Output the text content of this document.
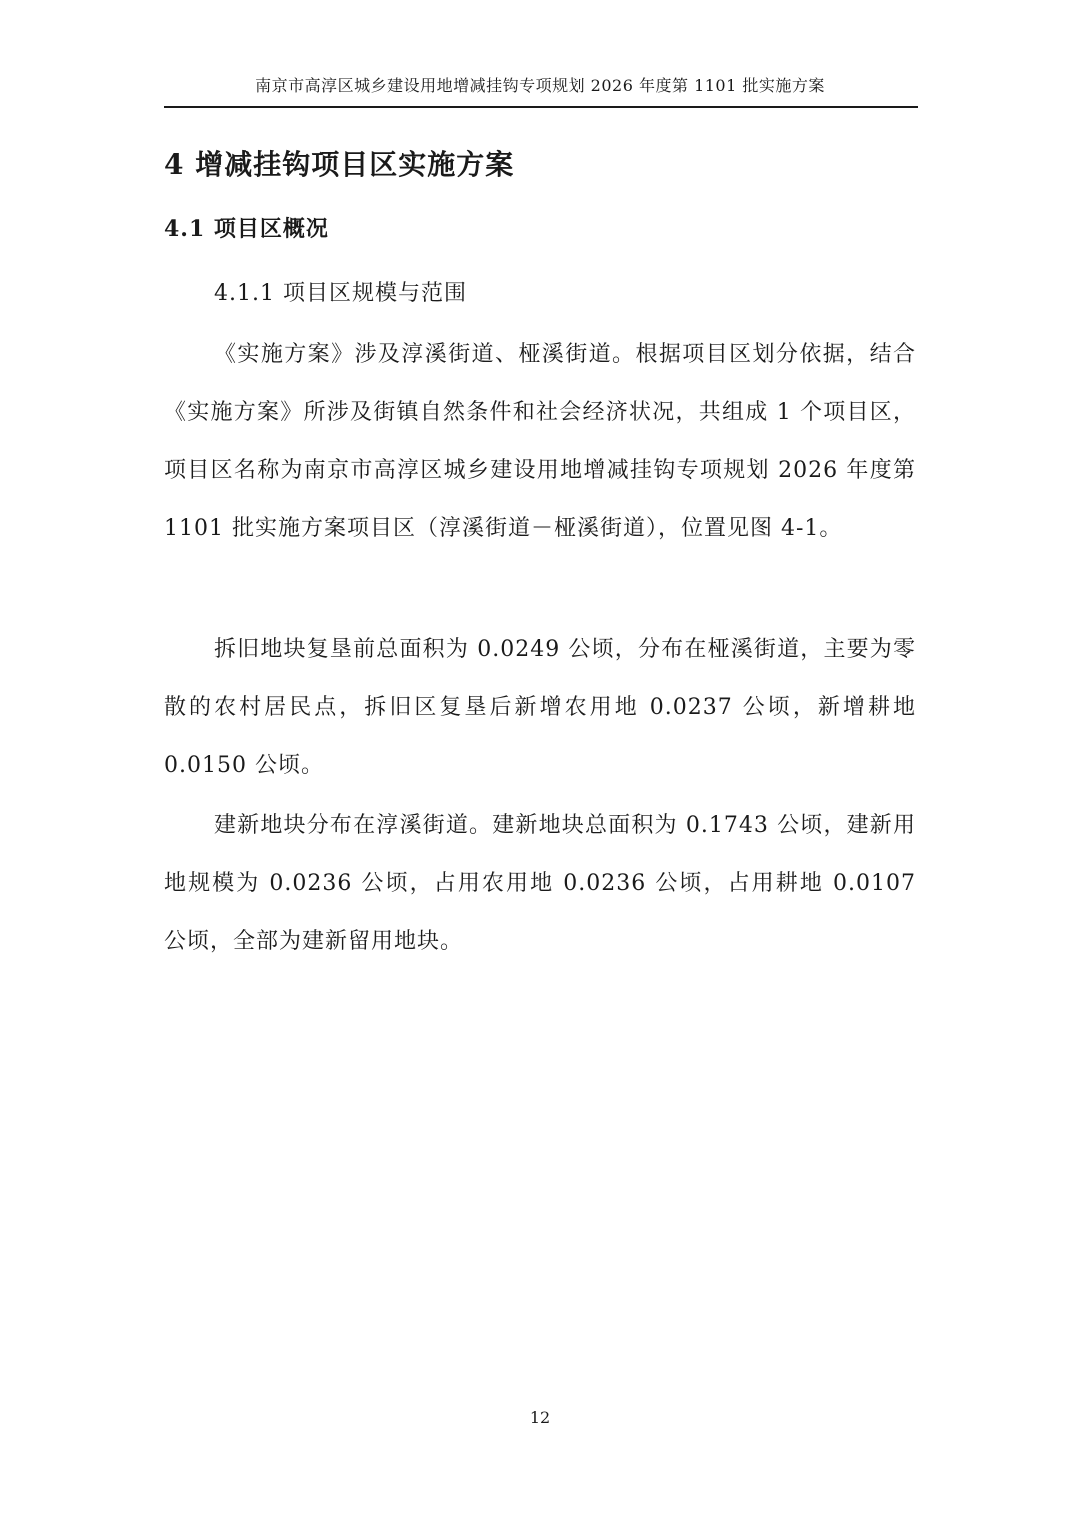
南京市高淳区城乡建设用地增减挂钩专项规划 2026 年度第 1101 批实施方案
4 增减挂钩项目区实施方案
4.1 项目区概况
4.1.1 项目区规模与范围

《实施方案》涉及淳溪街道、桠溪街道。根据项目区划分依据，结合《实施方案》所涉及街镇自然条件和社会经济状况，共组成 1 个项目区，项目区名称为南京市高淳区城乡建设用地增减挂钩专项规划 2026 年度第 1101 批实施方案项目区（淳溪街道－桠溪街道），位置见图 4-1。

拆旧地块复垦前总面积为 0.0249 公顷，分布在桠溪街道，主要为零散的农村居民点，拆旧区复垦后新增农用地 0.0237 公顷，新增耕地 0.0150 公顷。

建新地块分布在淳溪街道。建新地块总面积为 0.1743 公顷，建新用地规模为 0.0236 公顷，占用农用地 0.0236 公顷，占用耕地 0.0107 公顷，全部为建新留用地块。

12
